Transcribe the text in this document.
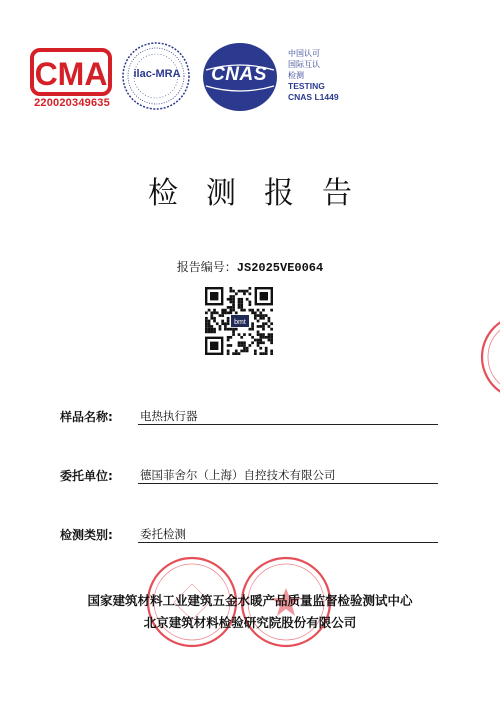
CMA
220020349635
ilac-MRA	CNAS
中国认可
国际互认
检测
TESTING
CNAS L1449
检测报告
报告编号：JS2025VE0064
bmt
样品名称: 电热执行器
委托单位: 德国菲舍尔（上海）自控技术有限公司
检测类别: 委托检测
国家建筑材料工业建筑五金水暖产品质量监督检验测试中心
北京建筑材料检验研究院股份有限公司
